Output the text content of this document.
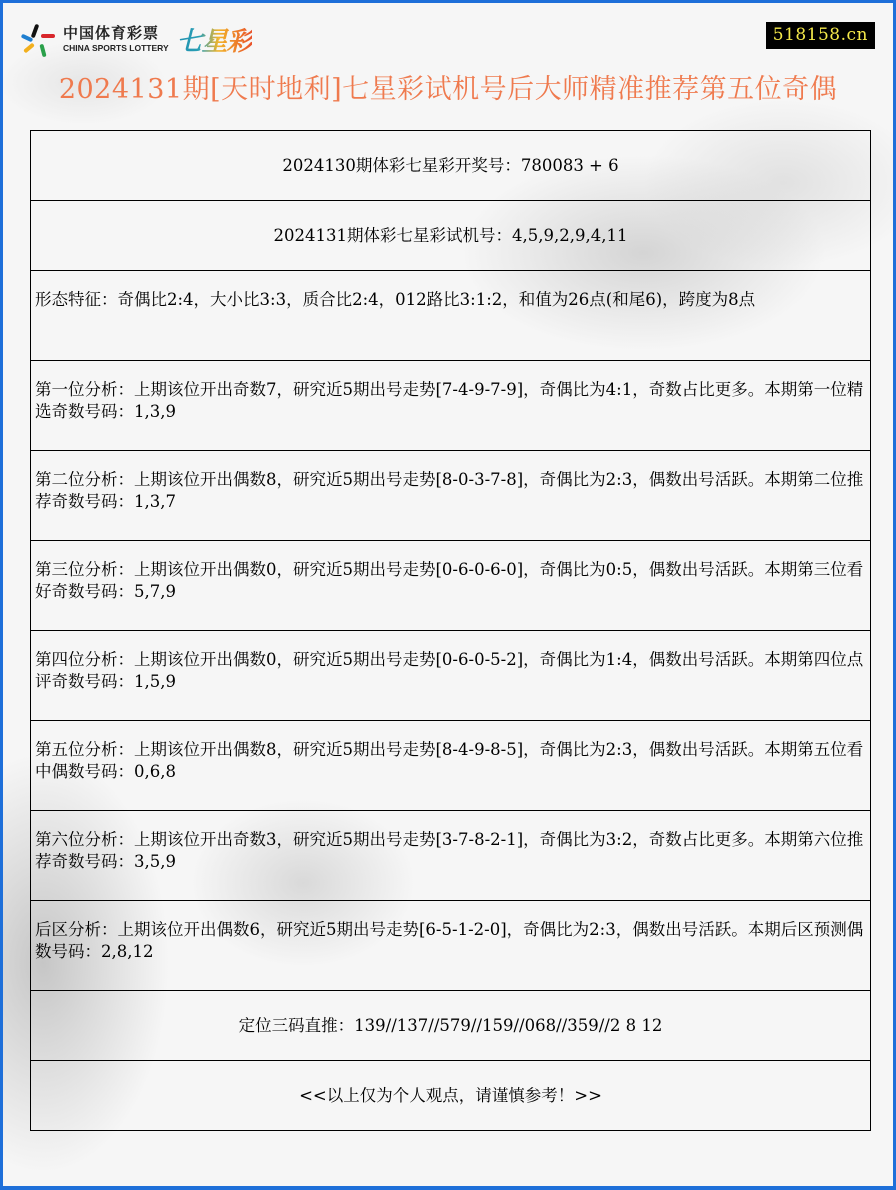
中国体育彩票
CHINA SPORTS LOTTERY 七星彩	518158.cn
2024131期[天时地利]七星彩试机号后大师精准推荐第五位奇偶
2024130期体彩七星彩开奖号：780083 + 6
2024131期体彩七星彩试机号：4,5,9,2,9,4,11
形态特征：奇偶比2:4，大小比3:3，质合比2:4，012路比3:1:2，和值为26点(和尾6)，跨度为8点
第一位分析：上期该位开出奇数7，研究近5期出号走势[7-4-9-7-9]，奇偶比为4:1，奇数占比更多。本期第一位精选奇数号码：1,3,9
第二位分析：上期该位开出偶数8，研究近5期出号走势[8-0-3-7-8]，奇偶比为2:3，偶数出号活跃。本期第二位推荐奇数号码：1,3,7
第三位分析：上期该位开出偶数0，研究近5期出号走势[0-6-0-6-0]，奇偶比为0:5，偶数出号活跃。本期第三位看好奇数号码：5,7,9
第四位分析：上期该位开出偶数0，研究近5期出号走势[0-6-0-5-2]，奇偶比为1:4，偶数出号活跃。本期第四位点评奇数号码：1,5,9
第五位分析：上期该位开出偶数8，研究近5期出号走势[8-4-9-8-5]，奇偶比为2:3，偶数出号活跃。本期第五位看中偶数号码：0,6,8
第六位分析：上期该位开出奇数3，研究近5期出号走势[3-7-8-2-1]，奇偶比为3:2，奇数占比更多。本期第六位推荐奇数号码：3,5,9
后区分析：上期该位开出偶数6，研究近5期出号走势[6-5-1-2-0]，奇偶比为2:3，偶数出号活跃。本期后区预测偶数号码：2,8,12
定位三码直推：139//137//579//159//068//359//2 8 12
<<以上仅为个人观点，请谨慎参考！>>
